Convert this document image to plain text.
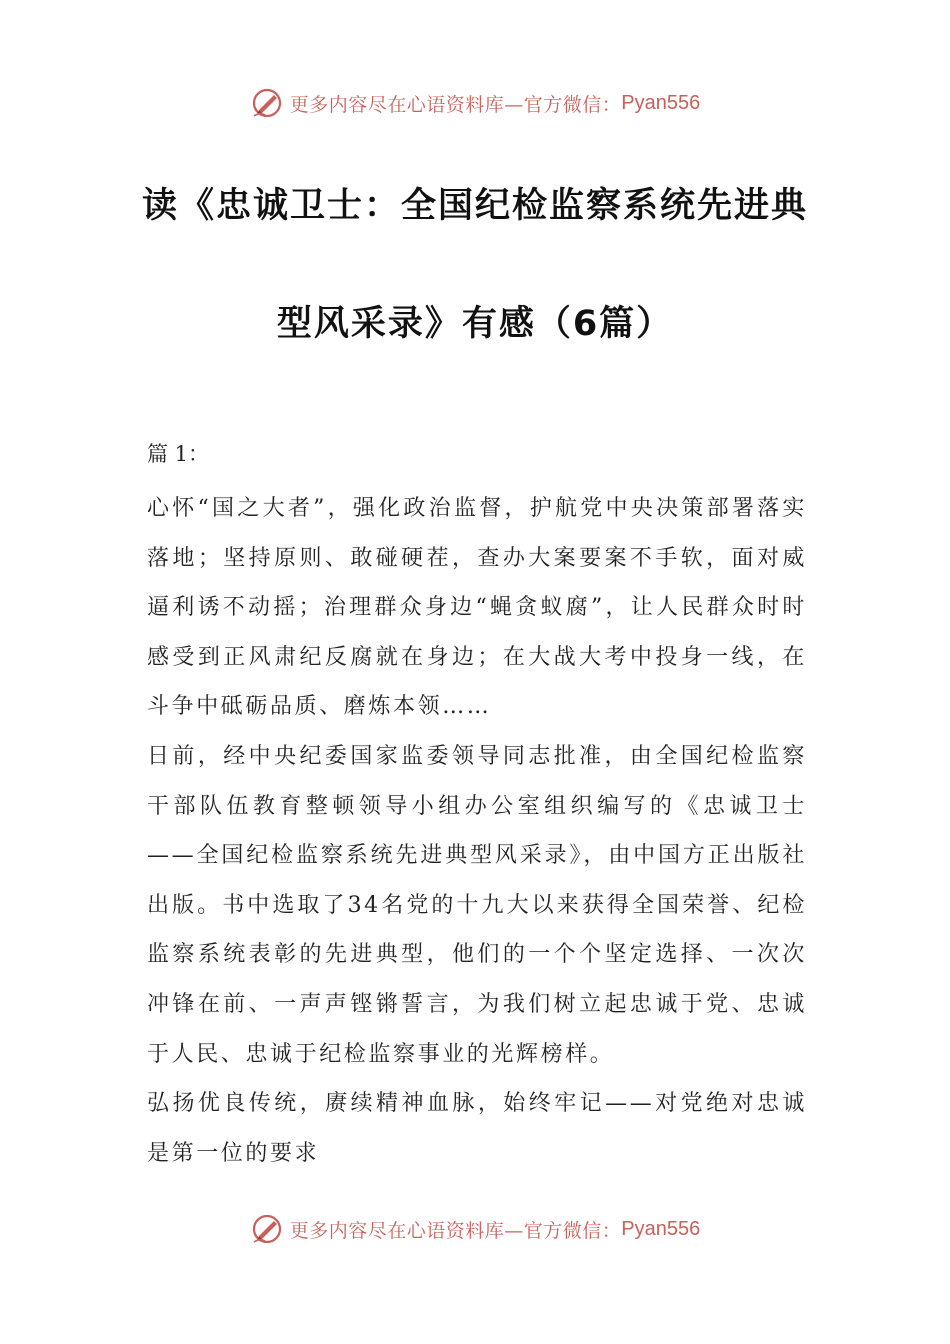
更多内容尽在心语资料库—官方微信： Pyan556
读《忠诚卫士：全国纪检监察系统先进典
型风采录》有感（6篇）
篇 1：

心怀“国之大者”，强化政治监督，护航党中央决策部署落实落地；坚持原则、敢碰硬茬，查办大案要案不手软，面对威逼利诱不动摇；治理群众身边“蝇贪蚁腐”，让人民群众时时感受到正风肃纪反腐就在身边；在大战大考中投身一线，在斗争中砥砺品质、磨炼本领……

日前，经中央纪委国家监委领导同志批准，由全国纪检监察干部队伍教育整顿领导小组办公室组织编写的《忠诚卫士——全国纪检监察系统先进典型风采录》，由中国方正出版社出版。书中选取了34名党的十九大以来获得全国荣誉、纪检监察系统表彰的先进典型，他们的一个个坚定选择、一次次冲锋在前、一声声铿锵誓言，为我们树立起忠诚于党、忠诚于人民、忠诚于纪检监察事业的光辉榜样。

弘扬优良传统，赓续精神血脉，始终牢记——对党绝对忠诚是第一位的要求

更多内容尽在心语资料库—官方微信： Pyan556
